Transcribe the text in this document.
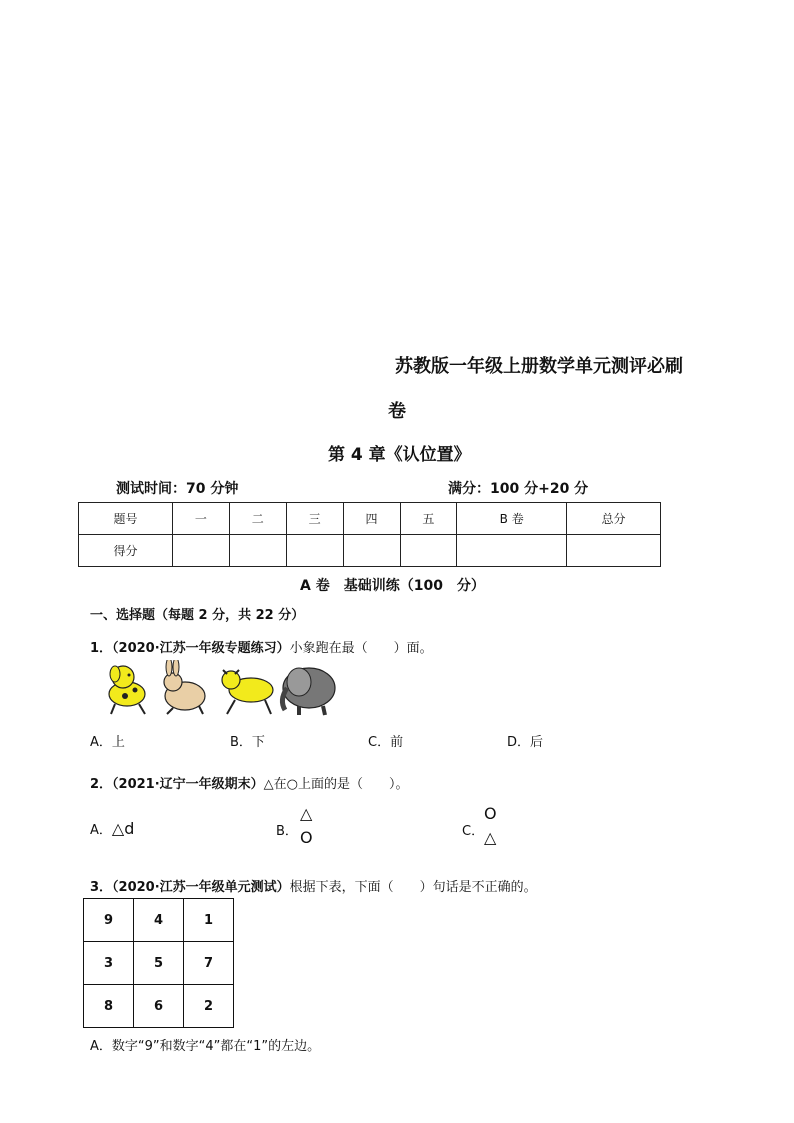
苏教版一年级上册数学单元测评必刷
卷
第 4 章《认位置》
测试时间：70 分钟	满分：100 分+20 分
题号	一	二	三	四	五	B 卷	总分
得分							
A 卷　基础训练（100　分）
一、选择题（每题 2 分，共 22 分）
1．（2020·江苏一年级专题练习）小象跑在最（　　）面。
A．上	B．下	C．前	D．后
2．（2021·辽宁一年级期末）△在○上面的是（　　）。
A．△d	B．
△
O	C．
O
△
3．（2020·江苏一年级单元测试）根据下表，下面（　　）句话是不正确的。
9	4	1
3	5	7
8	6	2
A．数字“9”和数字“4”都在“1”的左边。
